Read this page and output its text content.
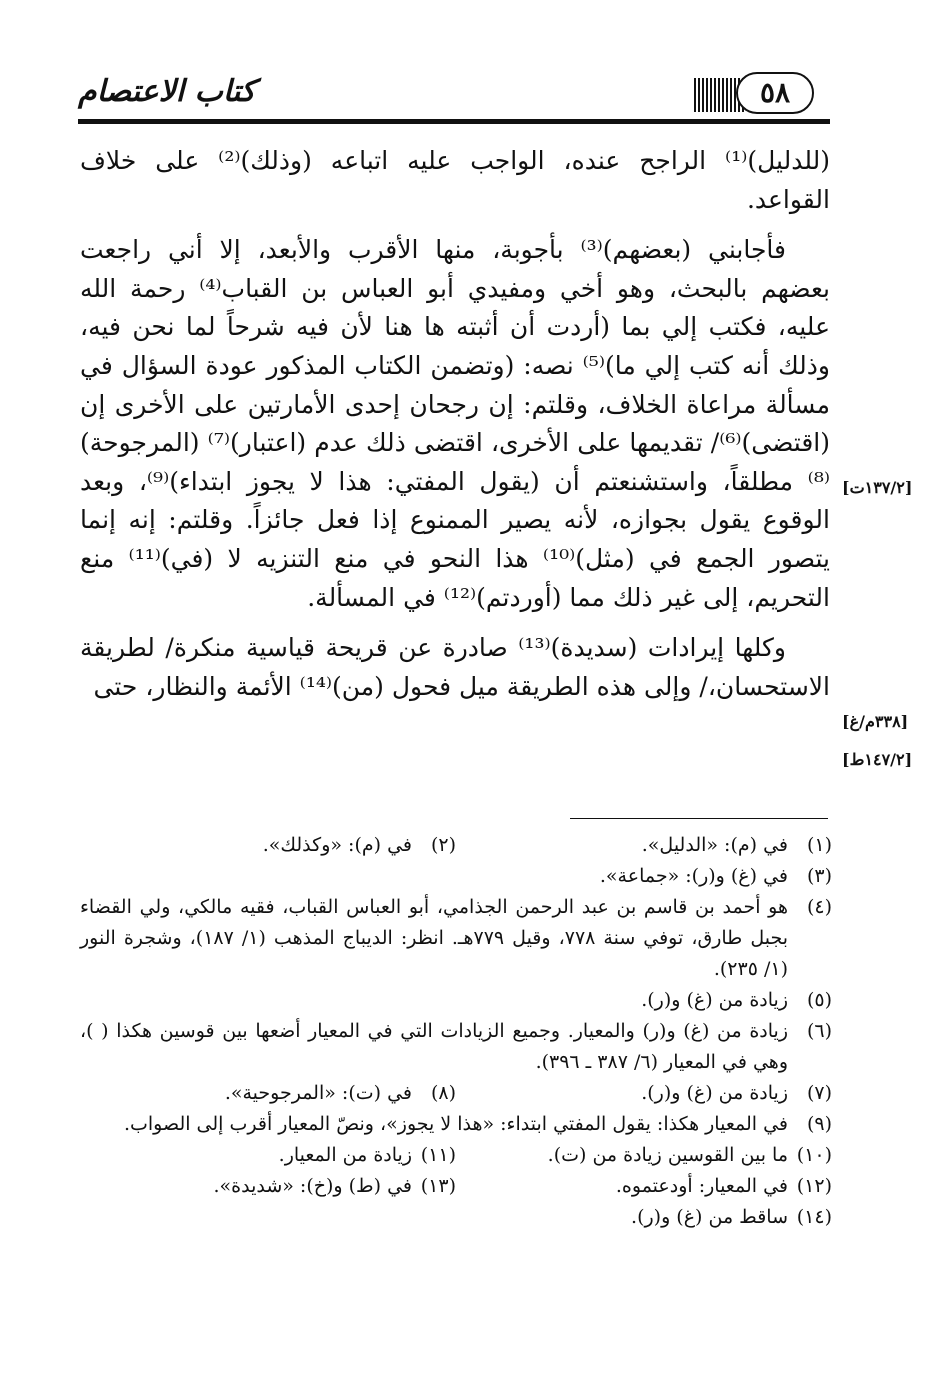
كتاب الاعتصام	٥٨
[١٣٧/٢ت]
[٣٣٨م/غ]
[١٤٧/٢ط]

(للدليل)⁽¹⁾ الراجح عنده، الواجب عليه اتباعه (وذلك)⁽²⁾ على خلاف القواعد.

فأجابني (بعضهم)⁽³⁾ بأجوبة، منها الأقرب والأبعد، إلا أني راجعت بعضهم بالبحث، وهو أخي ومفيدي أبو العباس بن القباب⁽⁴⁾ رحمة الله عليه، فكتب إلي بما (أردت أن أثبته ها هنا لأن فيه شرحاً لما نحن فيه، وذلك أنه كتب إلي ما)⁽⁵⁾ نصه: (وتضمن الكتاب المذكور عودة السؤال في مسألة مراعاة الخلاف، وقلتم: إن رجحان إحدى الأمارتين على الأخرى إن (اقتضى)⁽⁶⁾/ تقديمها على الأخرى، اقتضى ذلك عدم (اعتبار)⁽⁷⁾ (المرجوحة)⁽⁸⁾ مطلقاً، واستشنعتم أن (يقول المفتي: هذا لا يجوز ابتداء)⁽⁹⁾، وبعد الوقوع يقول بجوازه، لأنه يصير الممنوع إذا فعل جائزاً. وقلتم: إنه إنما يتصور الجمع في (مثل)⁽¹⁰⁾ هذا النحو في منع التنزيه لا (في)⁽¹¹⁾ منع التحريم، إلى غير ذلك مما (أوردتم)⁽¹²⁾ في المسألة.

وكلها إيرادات (سديدة)⁽¹³⁾ صادرة عن قريحة قياسية منكرة/ لطريقة الاستحسان،/ وإلى هذه الطريقة ميل فحول (من)⁽¹⁴⁾ الأئمة والنظار، حتى

(١)
في (م): «الدليل».
(٢)
في (م): «وكذلك».
(٣)
في (غ) و(ر): «جماعة».
(٤)
هو أحمد بن قاسم بن عبد الرحمن الجذامي، أبو العباس القباب، فقيه مالكي، ولي القضاء بجبل طارق، توفي سنة ٧٧٨، وقيل ٧٧٩هـ. انظر: الديباج المذهب (١/ ١٨٧)، وشجرة النور (١/ ٢٣٥).
(٥)
زيادة من (غ) و(ر).
(٦)
زيادة من (غ) و(ر) والمعيار. وجميع الزيادات التي في المعيار أضعها بين قوسين هكذا ( )، وهي في المعيار (٦/ ٣٨٧ ـ ٣٩٦).
(٧)
زيادة من (غ) و(ر).
(٨)
في (ت): «المرجوحية».
(٩)
في المعيار هكذا: يقول المفتي ابتداء: «هذا لا يجوز»، ونصّ المعيار أقرب إلى الصواب.
(١٠)
ما بين القوسين زيادة من (ت).
(١١)
زيادة من المعيار.
(١٢)
في المعيار: أودعتموه.
(١٣)
في (ط) و(خ): «شديدة».
(١٤)
ساقط من (غ) و(ر).
